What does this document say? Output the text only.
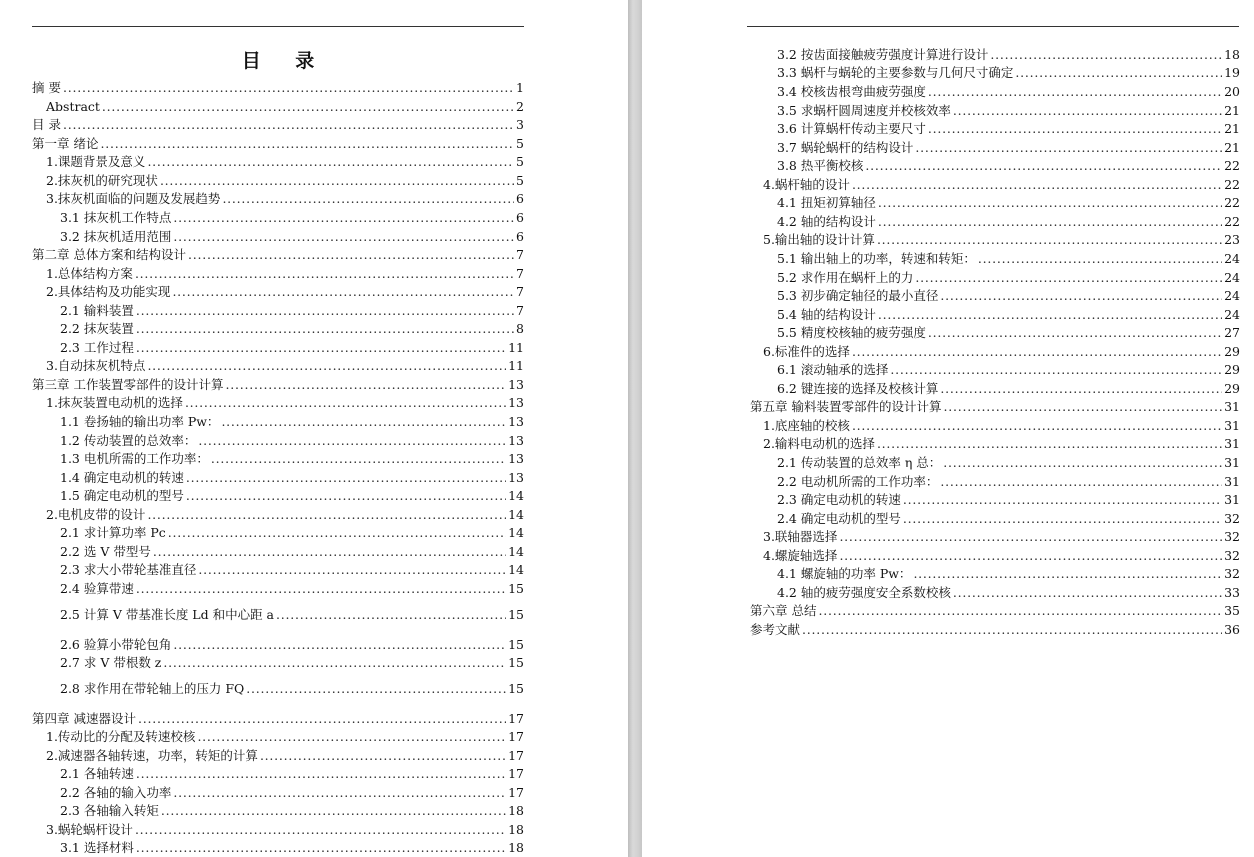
目 录
摘 要 . . .	1
Abstract . . .	2
目 录 . . .	3
第一章 绪论 . . .	5
1.课题背景及意义 . . .	5
2.抹灰机的研究现状 . . .	5
3.抹灰机面临的问题及发展趋势 . . .	6
3.1 抹灰机工作特点 . . .	6
3.2 抹灰机适用范围 . . .	6
第二章 总体方案和结构设计 . . .	7
1.总体结构方案 . . .	7
2.具体结构及功能实现 . . .	7
2.1 输料装置 . . .	7
2.2 抹灰装置 . . .	8
2.3 工作过程 . . .	11
3.自动抹灰机特点 . . .	11
第三章 工作装置零部件的设计计算 . . .	13
1.抹灰装置电动机的选择 . . .	13
1.1 卷扬轴的输出功率 Pw： . . .	13
1.2 传动装置的总效率： . . .	13
1.3 电机所需的工作功率： . . .	13
1.4 确定电动机的转速 . . .	13
1.5 确定电动机的型号 . . .	14
2.电机皮带的设计 . . .	14
2.1 求计算功率 Pc . . .	14
2.2 选 V 带型号 . . .	14
2.3 求大小带轮基准直径 . . .	14
2.4 验算带速 . . .	15
2.5 计算 V 带基准长度 Ld 和中心距 a . . .	15
2.6 验算小带轮包角 . . .	15
2.7 求 V 带根数 z . . .	15
2.8 求作用在带轮轴上的压力 FQ . . .	15
第四章 减速器设计 . . .	17
1.传动比的分配及转速校核 . . .	17
2.减速器各轴转速，功率，转矩的计算 . . .	17
2.1 各轴转速 . . .	17
2.2 各轴的输入功率 . . .	17
2.3 各轴输入转矩 . . .	18
3.蜗轮蜗杆设计 . . .	18
3.1 选择材料 . . .	18
3.2 按齿面接触疲劳强度计算进行设计 . . .	18
3.3 蜗杆与蜗轮的主要参数与几何尺寸确定 . . .	19
3.4 校核齿根弯曲疲劳强度 . . .	20
3.5 求蜗杆圆周速度并校核效率 . . .	21
3.6 计算蜗杆传动主要尺寸 . . .	21
3.7 蜗轮蜗杆的结构设计 . . .	21
3.8 热平衡校核 . . .	22
4.蜗杆轴的设计 . . .	22
4.1 扭矩初算轴径 . . .	22
4.2 轴的结构设计 . . .	22
5.输出轴的设计计算 . . .	23
5.1 输出轴上的功率，转速和转矩： . . .	24
5.2 求作用在蜗杆上的力 . . .	24
5.3 初步确定轴径的最小直径 . . .	24
5.4 轴的结构设计 . . .	24
5.5 精度校核轴的疲劳强度 . . .	27
6.标准件的选择 . . .	29
6.1 滚动轴承的选择 . . .	29
6.2 键连接的选择及校核计算 . . .	29
第五章 输料装置零部件的设计计算 . . .	31
1.底座轴的校核 . . .	31
2.输料电动机的选择 . . .	31
2.1 传动装置的总效率 η 总： . . .	31
2.2 电动机所需的工作功率： . . .	31
2.3 确定电动机的转速 . . .	31
2.4 确定电动机的型号 . . .	32
3.联轴器选择 . . .	32
4.螺旋轴选择 . . .	32
4.1 螺旋轴的功率 Pw： . . .	32
4.2 轴的疲劳强度安全系数校核 . . .	33
第六章 总结 . . .	35
参考文献 . . .	36
